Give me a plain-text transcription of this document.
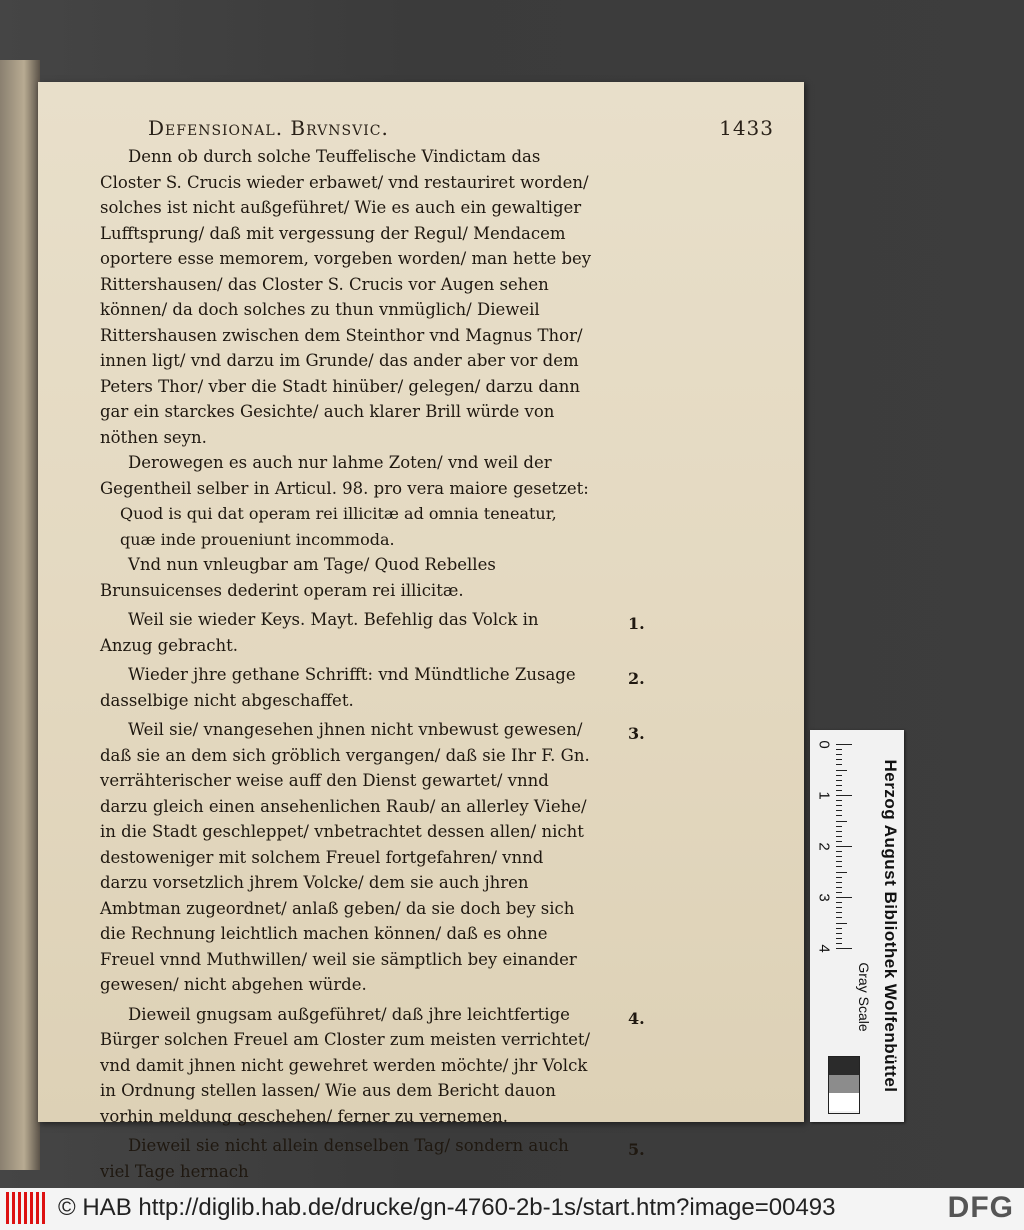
Defensional. Brvnsvic.	1433

Denn ob durch solche Teuffelische Vindictam das Closter S. Crucis wieder erbawet/ vnd restauriret worden/ solches ist nicht außgeführet/ Wie es auch ein gewaltiger Lufftsprung/ daß mit vergessung der Regul/ Mendacem oportere esse memorem, vorgeben worden/ man hette bey Rittershausen/ das Closter S. Crucis vor Augen sehen können/ da doch solches zu thun vnmüglich/ Dieweil Rittershausen zwischen dem Steinthor vnd Magnus Thor/ innen ligt/ vnd darzu im Grunde/ das ander aber vor dem Peters Thor/ vber die Stadt hinüber/ gelegen/ darzu dann gar ein starckes Gesichte/ auch klarer Brill würde von nöthen seyn.

Derowegen es auch nur lahme Zoten/ vnd weil der Gegentheil selber in Articul. 98. pro vera maiore gesetzet:

Quod is qui dat operam rei illicitæ ad omnia teneatur, quæ inde proueniunt incommoda.

Vnd nun vnleugbar am Tage/ Quod Rebelles Brunsuicenses dederint operam rei illicitæ.

Weil sie wieder Keys. Mayt. Befehlig das Volck in Anzug gebracht.

1.

Wieder jhre gethane Schrifft: vnd Mündtliche Zusage dasselbige nicht abgeschaffet.

2.

Weil sie/ vnangesehen jhnen nicht vnbewust gewesen/ daß sie an dem sich gröblich vergangen/ daß sie Ihr F. Gn. verrähterischer weise auff den Dienst gewartet/ vnnd darzu gleich einen ansehenlichen Raub/ an allerley Viehe/ in die Stadt geschleppet/ vnbetrachtet dessen allen/ nicht destoweniger mit solchem Freuel fortgefahren/ vnnd darzu vorsetzlich jhrem Volcke/ dem sie auch jhren Ambtman zugeordnet/ anlaß geben/ da sie doch bey sich die Rechnung leichtlich machen können/ daß es ohne Freuel vnnd Muthwillen/ weil sie sämptlich bey einander gewesen/ nicht abgehen würde.

3.

Dieweil gnugsam außgeführet/ daß jhre leichtfertige Bürger solchen Freuel am Closter zum meisten verrichtet/ vnd damit jhnen nicht gewehret werden möchte/ jhr Volck in Ordnung stellen lassen/ Wie aus dem Bericht dauon vorhin meldung geschehen/ ferner zu vernemen.

4.

Dieweil sie nicht allein denselben Tag/ sondern auch viel Tage hernach

5.
0
1
2
3
4
Gray Scale Herzog August Bibliothek Wolfenbüttel
© HAB http://diglib.hab.de/drucke/gn-4760-2b-1s/start.htm?image=00493	DFG
